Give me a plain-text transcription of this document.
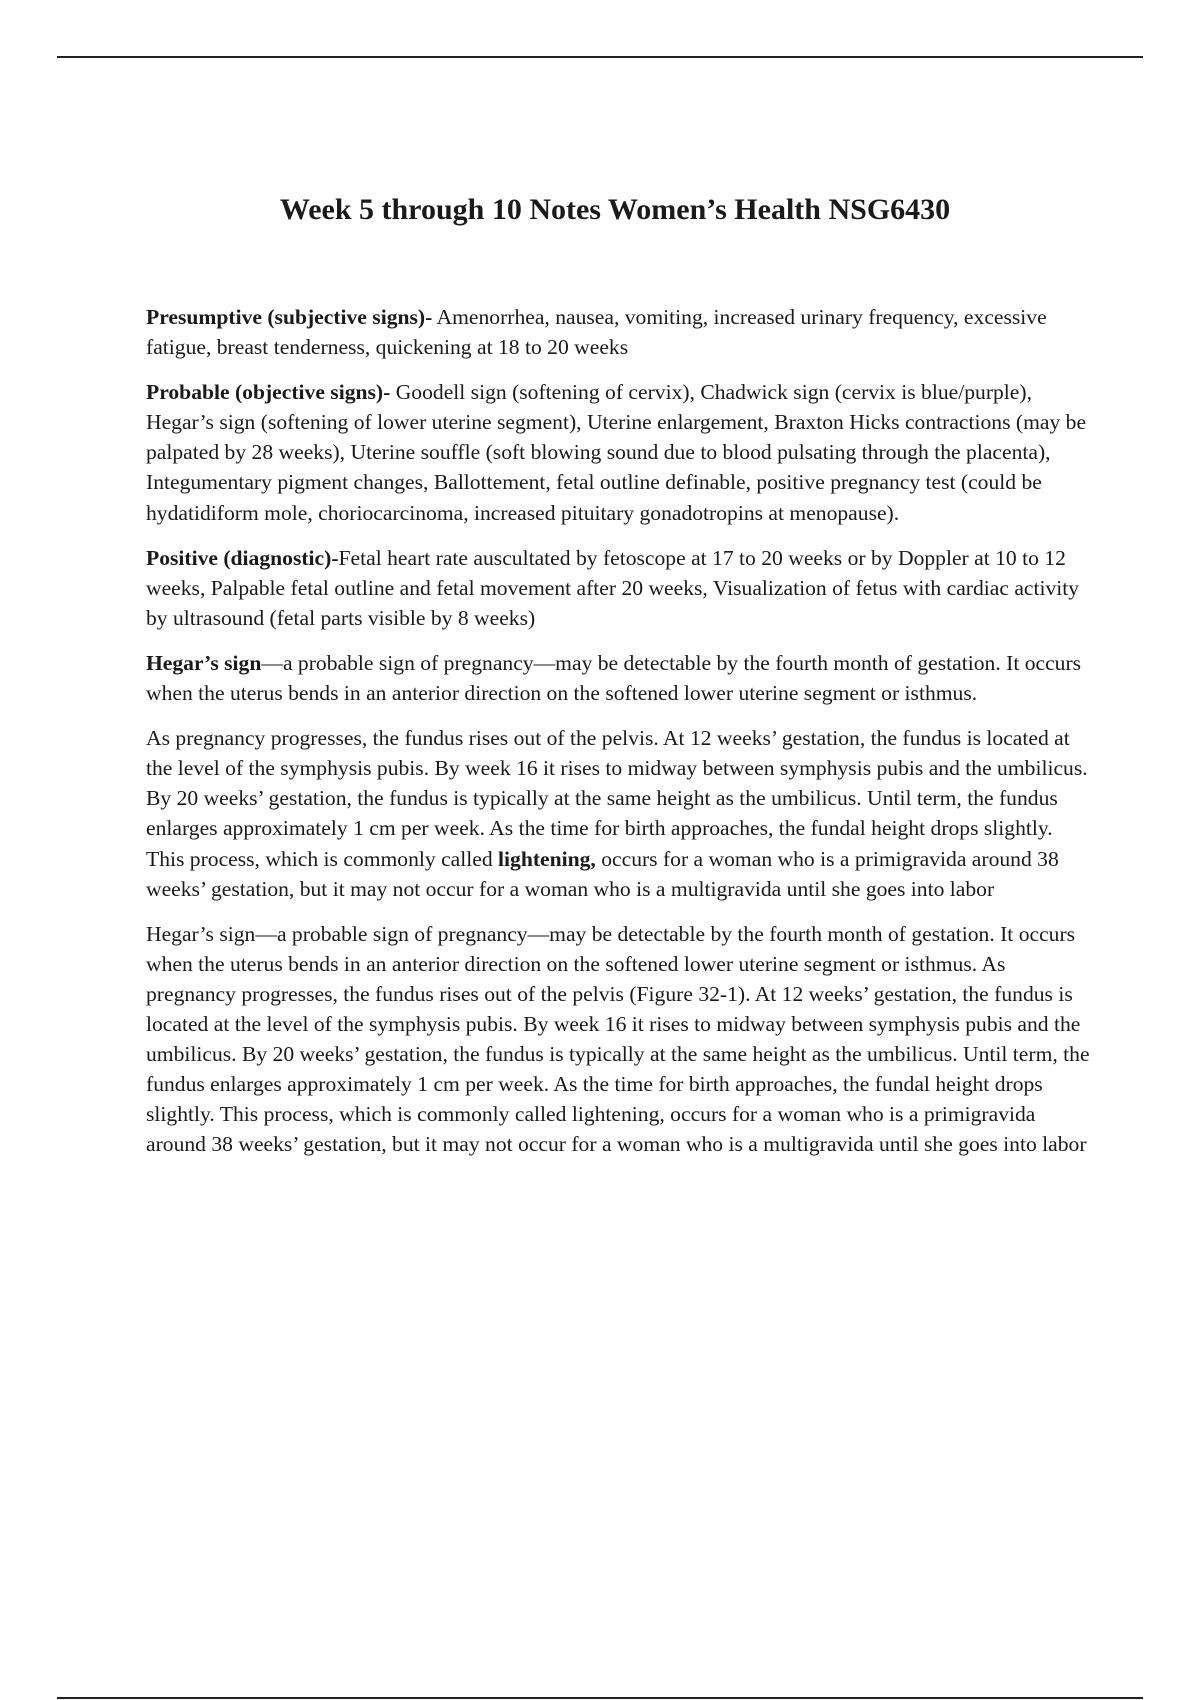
Week 5 through 10 Notes Women’s Health NSG6430

Presumptive (subjective signs)- Amenorrhea, nausea, vomiting, increased urinary frequency, excessive fatigue, breast tenderness, quickening at 18 to 20 weeks

Probable (objective signs)- Goodell sign (softening of cervix), Chadwick sign (cervix is blue/purple), Hegar’s sign (softening of lower uterine segment), Uterine enlargement, Braxton Hicks contractions (may be palpated by 28 weeks), Uterine souffle (soft blowing sound due to blood pulsating through the placenta), Integumentary pigment changes, Ballottement, fetal outline definable, positive pregnancy test (could be hydatidiform mole, choriocarcinoma, increased pituitary gonadotropins at menopause).

Positive (diagnostic)-Fetal heart rate auscultated by fetoscope at 17 to 20 weeks or by Doppler at 10 to 12 weeks, Palpable fetal outline and fetal movement after 20 weeks, Visualization of fetus with cardiac activity by ultrasound (fetal parts visible by 8 weeks)

Hegar’s sign—a probable sign of pregnancy—may be detectable by the fourth month of gestation. It occurs when the uterus bends in an anterior direction on the softened lower uterine segment or isthmus.

As pregnancy progresses, the fundus rises out of the pelvis. At 12 weeks’ gestation, the fundus is located at the level of the symphysis pubis. By week 16 it rises to midway between symphysis pubis and the umbilicus. By 20 weeks’ gestation, the fundus is typically at the same height as the umbilicus. Until term, the fundus enlarges approximately 1 cm per week. As the time for birth approaches, the fundal height drops slightly. This process, which is commonly called lightening, occurs for a woman who is a primigravida around 38 weeks’ gestation, but it may not occur for a woman who is a multigravida until she goes into labor

Hegar’s sign—a probable sign of pregnancy—may be detectable by the fourth month of gestation. It occurs when the uterus bends in an anterior direction on the softened lower uterine segment or isthmus. As pregnancy progresses, the fundus rises out of the pelvis (Figure 32-1). At 12 weeks’ gestation, the fundus is located at the level of the symphysis pubis. By week 16 it rises to midway between symphysis pubis and the umbilicus. By 20 weeks’ gestation, the fundus is typically at the same height as the umbilicus. Until term, the fundus enlarges approximately 1 cm per week. As the time for birth approaches, the fundal height drops slightly. This process, which is commonly called lightening, occurs for a woman who is a primigravida around 38 weeks’ gestation, but it may not occur for a woman who is a multigravida until she goes into labor
